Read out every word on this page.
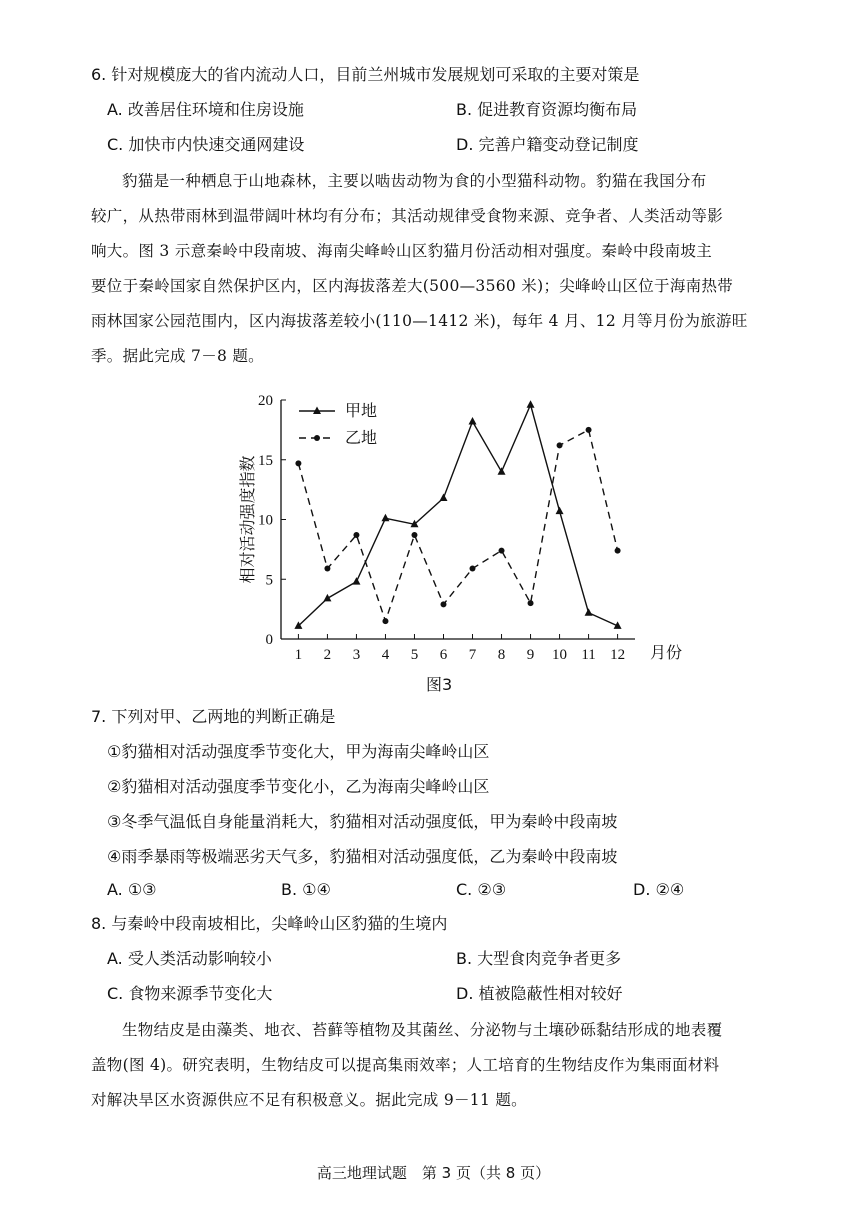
6. 针对规模庞大的省内流动人口，目前兰州城市发展规划可采取的主要对策是
A. 改善居住环境和住房设施	B. 促进教育资源均衡布局
C. 加快市内快速交通网建设	D. 完善户籍变动登记制度
豹猫是一种栖息于山地森林，主要以啮齿动物为食的小型猫科动物。豹猫在我国分布
较广，从热带雨林到温带阔叶林均有分布；其活动规律受食物来源、竞争者、人类活动等影
响大。图 3 示意秦岭中段南坡、海南尖峰岭山区豹猫月份活动相对强度。秦岭中段南坡主
要位于秦岭国家自然保护区内，区内海拔落差大(500—3560 米)；尖峰岭山区位于海南热带
雨林国家公园范围内，区内海拔落差较小(110—1412 米)，每年 4 月、12 月等月份为旅游旺
季。据此完成 7－8 题。
0
5
10
15
20
1 2 3 4 5 6 7 8 9 10 11 12 月份
相对活动强度指数
甲地
乙地
图3
7. 下列对甲、乙两地的判断正确是
①豹猫相对活动强度季节变化大，甲为海南尖峰岭山区
②豹猫相对活动强度季节变化小，乙为海南尖峰岭山区
③冬季气温低自身能量消耗大，豹猫相对活动强度低，甲为秦岭中段南坡
④雨季暴雨等极端恶劣天气多，豹猫相对活动强度低，乙为秦岭中段南坡
A. ①③	B. ①④	C. ②③	D. ②④
8. 与秦岭中段南坡相比，尖峰岭山区豹猫的生境内
A. 受人类活动影响较小	B. 大型食肉竞争者更多
C. 食物来源季节变化大	D. 植被隐蔽性相对较好
生物结皮是由藻类、地衣、苔藓等植物及其菌丝、分泌物与土壤砂砾黏结形成的地表覆
盖物(图 4)。研究表明，生物结皮可以提高集雨效率；人工培育的生物结皮作为集雨面材料
对解决旱区水资源供应不足有积极意义。据此完成 9－11 题。
高三地理试题　第 3 页（共 8 页）
